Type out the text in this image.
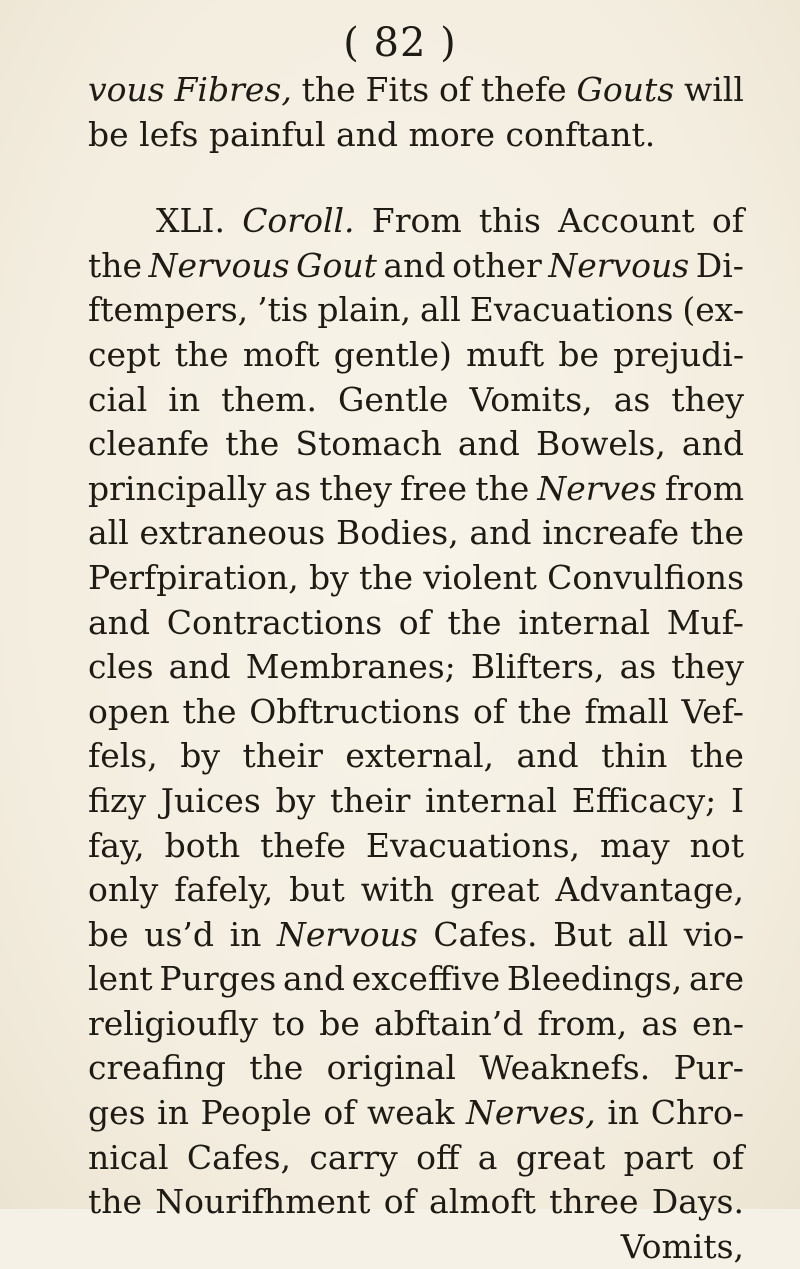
( 82 )
vous Fibres, the Fits of thefe Gouts will
be lefs painful and more conftant.
XLI. Coroll. From this Account of
the Nervous Gout and other Nervous Di-
ftempers, ’tis plain, all Evacuations (ex-
cept the moft gentle) muft be prejudi-
cial in them. Gentle Vomits, as they
cleanfe the Stomach and Bowels, and
principally as they free the Nerves from
all extraneous Bodies, and increafe the
Perfpiration, by the violent Convulfions
and Contractions of the internal Muf-
cles and Membranes; Blifters, as they
open the Obftructions of the fmall Vef-
fels, by their external, and thin the
fizy Juices by their internal Efficacy; I
fay, both thefe Evacuations, may not
only fafely, but with great Advantage,
be us’d in Nervous Cafes. But all vio-
lent Purges and exceffive Bleedings, are
religioufly to be abftain’d from, as en-
creafing the original Weaknefs. Pur-
ges in People of weak Nerves, in Chro-
nical Cafes, carry off a great part of
the Nourifhment of almoft three Days.
Vomits,
